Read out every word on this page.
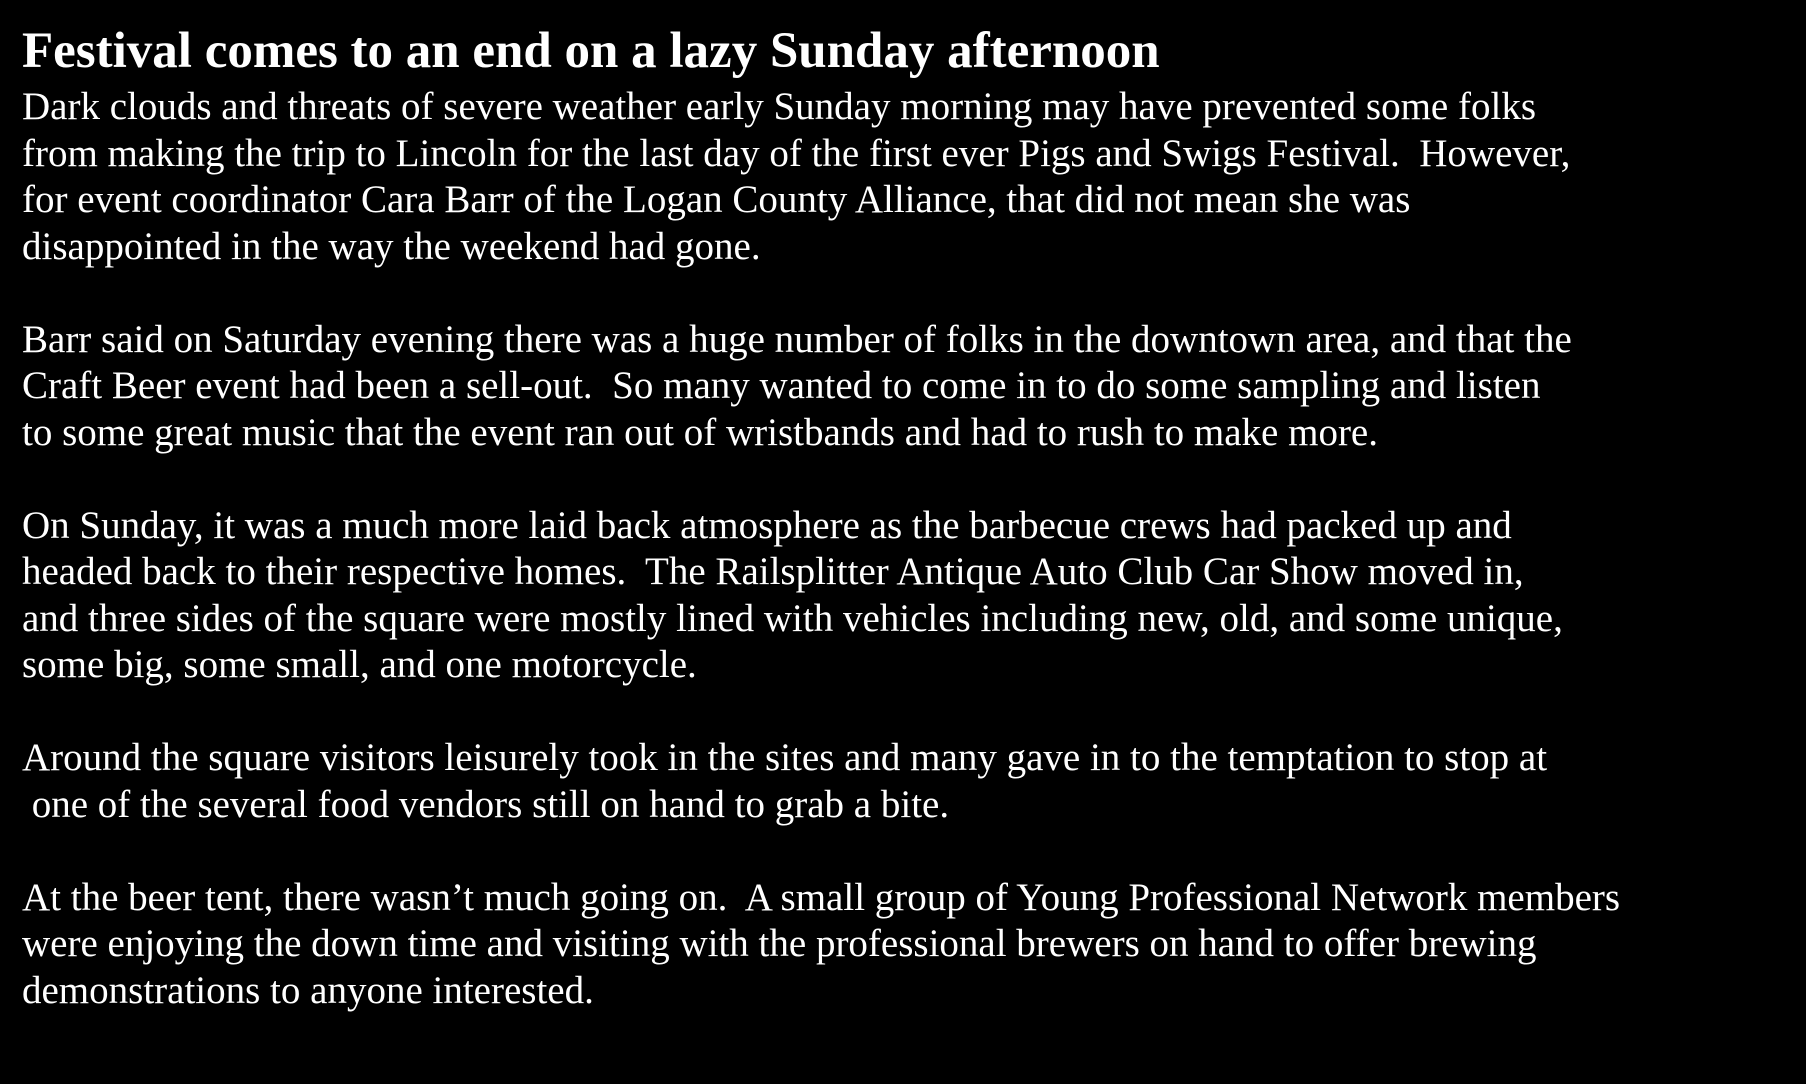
Festival comes to an end on a lazy Sunday afternoon

Dark clouds and threats of severe weather early Sunday morning may have prevented some folks
from making the trip to Lincoln for the last day of the first ever Pigs and Swigs Festival.  However,
for event coordinator Cara Barr of the Logan County Alliance, that did not mean she was
disappointed in the way the weekend had gone.

Barr said on Saturday evening there was a huge number of folks in the downtown area, and that the
Craft Beer event had been a sell-out.  So many wanted to come in to do some sampling and listen
to some great music that the event ran out of wristbands and had to rush to make more.

On Sunday, it was a much more laid back atmosphere as the barbecue crews had packed up and
headed back to their respective homes.  The Railsplitter Antique Auto Club Car Show moved in,
and three sides of the square were mostly lined with vehicles including new, old, and some unique,
some big, some small, and one motorcycle.

Around the square visitors leisurely took in the sites and many gave in to the temptation to stop at
one of the several food vendors still on hand to grab a bite.

At the beer tent, there wasn’t much going on.  A small group of Young Professional Network members
were enjoying the down time and visiting with the professional brewers on hand to offer brewing
demonstrations to anyone interested.
